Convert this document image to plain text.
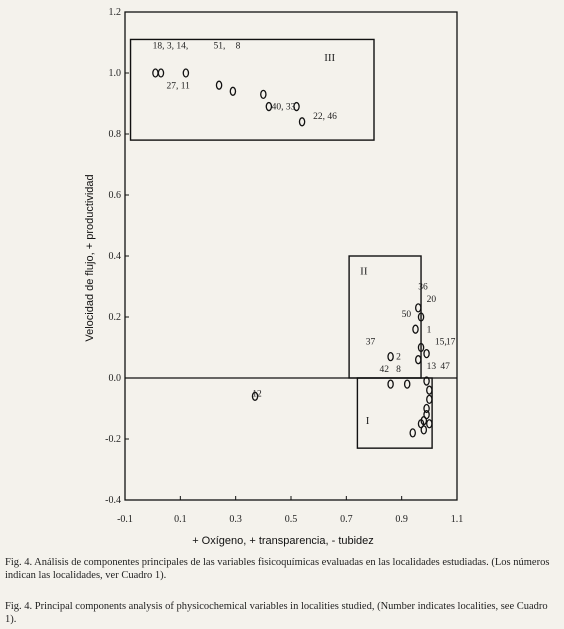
III
II
I
18, 3, 14,	51, 8
27, 11
40, 33
22, 46
36
20
50
1
37	15, 17
2
42 8	13 47
12
-0.1	0.1	0.3	0.5	0.7	0.9	1.1
1.2
1.0
0.8
0.6
0.4
0.2
0.0
-0.2
-0.4
Velocidad de flujo, + productividad
+ Oxígeno, + transparencia, - tubidez
Fig. 4. Análisis de componentes principales de las variables fisicoquímicas evaluadas en las localidades estudiadas. (Los números indican las localidades, ver Cuadro 1).
Fig. 4. Principal components analysis of physicochemical variables in localities studied, (Number indicates localities, see Cuadro 1).
